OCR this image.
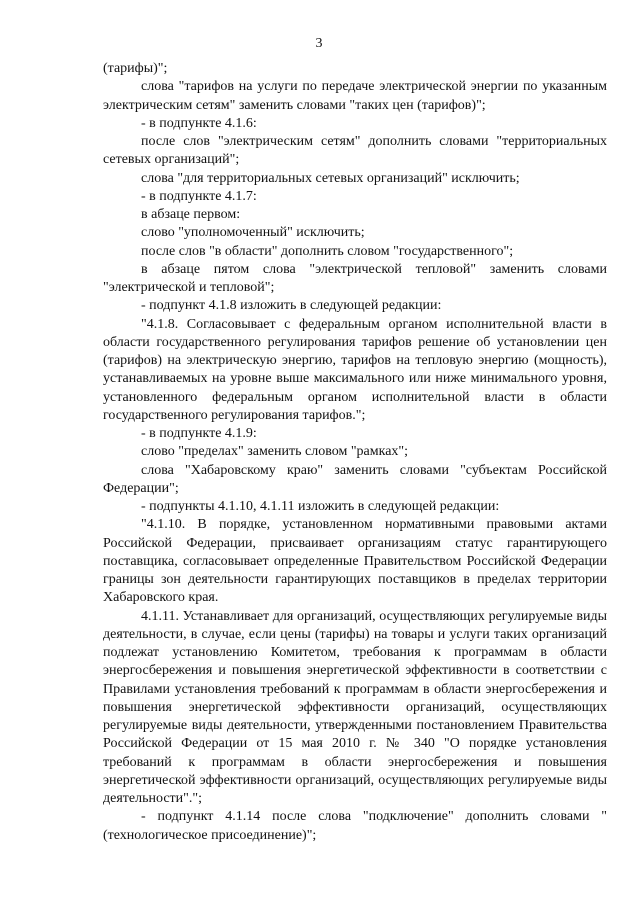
3

(тарифы)";

слова "тарифов на услуги по передаче электрической энергии по указанным электрическим сетям" заменить словами "таких цен (тарифов)";

- в подпункте 4.1.6:

после слов "электрическим сетям" дополнить словами "территориальных сетевых организаций";

слова "для территориальных сетевых организаций" исключить;

- в подпункте 4.1.7:

в абзаце первом:

слово "уполномоченный" исключить;

после слов "в области" дополнить словом "государственного";

в абзаце пятом слова "электрической тепловой" заменить словами "электрической и тепловой";

- подпункт 4.1.8 изложить в следующей редакции:

"4.1.8. Согласовывает с федеральным органом исполнительной власти в области государственного регулирования тарифов решение об установлении цен (тарифов) на электрическую энергию, тарифов на тепловую энергию (мощность), устанавливаемых на уровне выше максимального или ниже минимального уровня, установленного федеральным органом исполнительной власти в области государственного регулирования тарифов.";

- в подпункте 4.1.9:

слово "пределах" заменить словом "рамках";

слова "Хабаровскому краю" заменить словами "субъектам Российской Федерации";

- подпункты 4.1.10, 4.1.11 изложить в следующей редакции:

"4.1.10. В порядке, установленном нормативными правовыми актами Российской Федерации, присваивает организациям статус гарантирующего поставщика, согласовывает определенные Правительством Российской Федерации границы зон деятельности гарантирующих поставщиков в пределах территории Хабаровского края.

4.1.11. Устанавливает для организаций, осуществляющих регулируемые виды деятельности, в случае, если цены (тарифы) на товары и услуги таких организаций подлежат установлению Комитетом, требования к программам в области энергосбережения и повышения энергетической эффективности в соответствии с Правилами установления требований к программам в области энергосбережения и повышения энергетической эффективности организаций, осуществляющих регулируемые виды деятельности, утвержденными постановлением Правительства Российской Федерации от 15 мая 2010 г. № 340 "О порядке установления требований к программам в области энергосбережения и повышения энергетической эффективности организаций, осуществляющих регулируемые виды деятельности".";

- подпункт 4.1.14 после слова "подключение" дополнить словами "(технологическое присоединение)";
